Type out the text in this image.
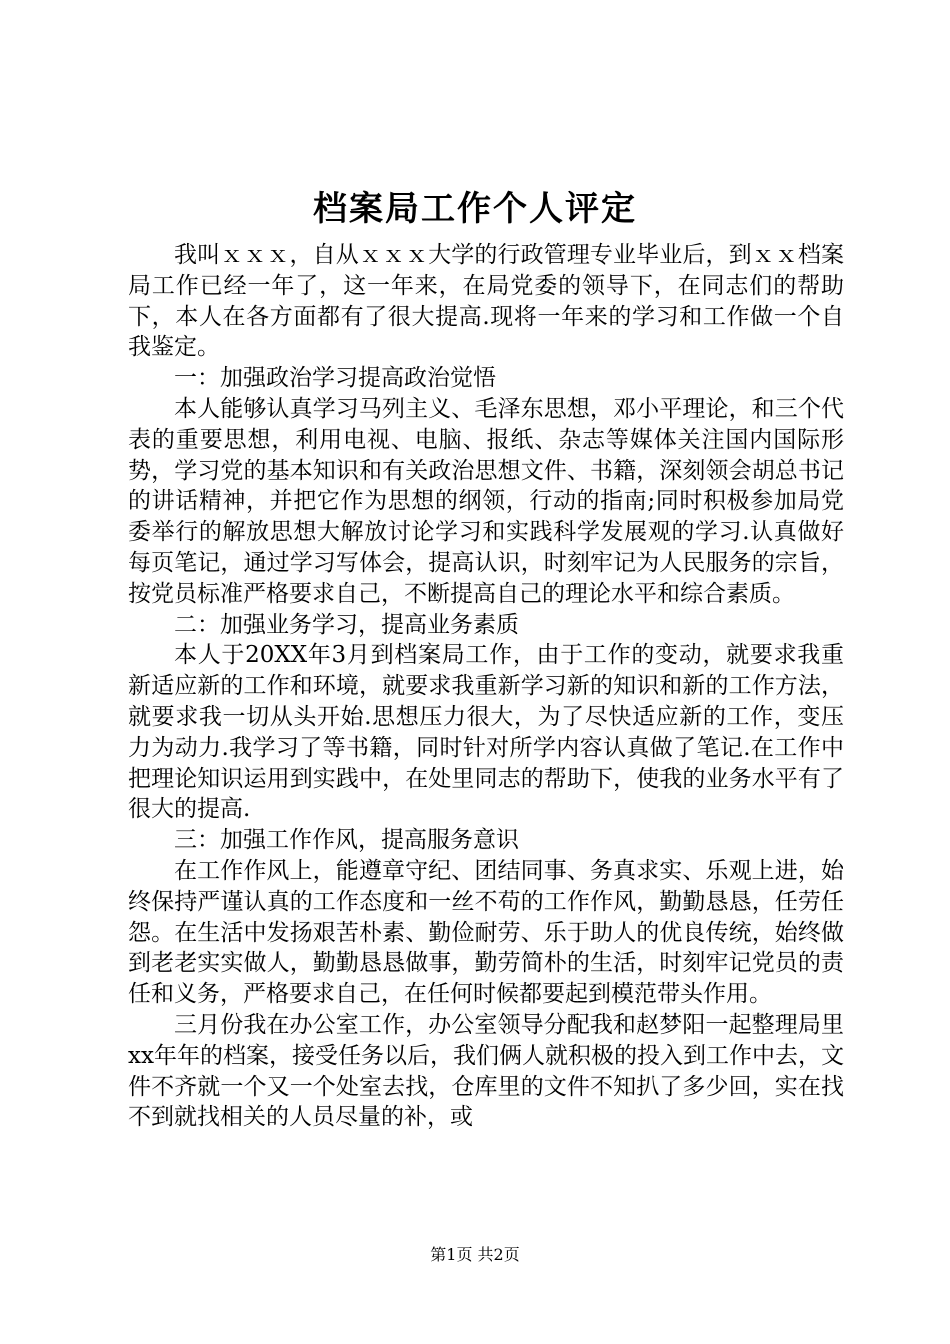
档案局工作个人评定

我叫ｘｘｘ，自从ｘｘｘ大学的行政管理专业毕业后，到ｘｘ档案局工作已经一年了，这一年来，在局党委的领导下，在同志们的帮助下，本人在各方面都有了很大提高.现将一年来的学习和工作做一个自我鉴定。

一：加强政治学习提高政治觉悟

本人能够认真学习马列主义、毛泽东思想，邓小平理论，和三个代表的重要思想，利用电视、电脑、报纸、杂志等媒体关注国内国际形势，学习党的基本知识和有关政治思想文件、书籍，深刻领会胡总书记的讲话精神，并把它作为思想的纲领，行动的指南;同时积极参加局党委举行的解放思想大解放讨论学习和实践科学发展观的学习.认真做好每页笔记，通过学习写体会，提高认识，时刻牢记为人民服务的宗旨，按党员标准严格要求自己，不断提高自己的理论水平和综合素质。

二：加强业务学习，提高业务素质

本人于20XX年3月到档案局工作，由于工作的变动，就要求我重新适应新的工作和环境，就要求我重新学习新的知识和新的工作方法，就要求我一切从头开始.思想压力很大，为了尽快适应新的工作，变压力为动力.我学习了等书籍，同时针对所学内容认真做了笔记.在工作中把理论知识运用到实践中，在处里同志的帮助下，使我的业务水平有了很大的提高.

三：加强工作作风，提高服务意识

在工作作风上，能遵章守纪、团结同事、务真求实、乐观上进，始终保持严谨认真的工作态度和一丝不苟的工作作风，勤勤恳恳，任劳任怨。在生活中发扬艰苦朴素、勤俭耐劳、乐于助人的优良传统，始终做到老老实实做人，勤勤恳恳做事，勤劳简朴的生活，时刻牢记党员的责任和义务，严格要求自己，在任何时候都要起到模范带头作用。

三月份我在办公室工作，办公室领导分配我和赵梦阳一起整理局里xx年年的档案，接受任务以后，我们俩人就积极的投入到工作中去，文件不齐就一个又一个处室去找，仓库里的文件不知扒了多少回，实在找不到就找相关的人员尽量的补，或

第1页 共2页
